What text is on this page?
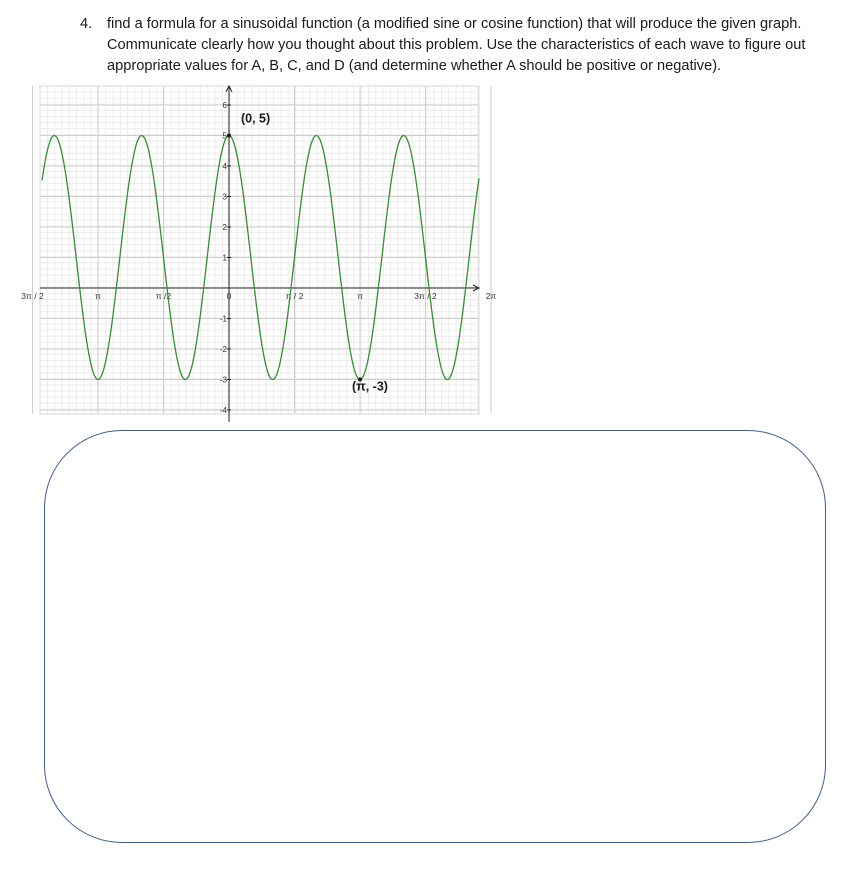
4. find a formula for a sinusoidal function (a modified sine or cosine function) that will produce the given graph. Communicate clearly how you thought about this problem. Use the characteristics of each wave to figure out appropriate values for A, B, C, and D (and determine whether A should be positive or negative).
3π / 2	π	π /2	0	π / 2	π	3π / 2	2π
6
5
4
3
2
1
-1
-2
-3
-4
(0, 5)
(π, -3)
